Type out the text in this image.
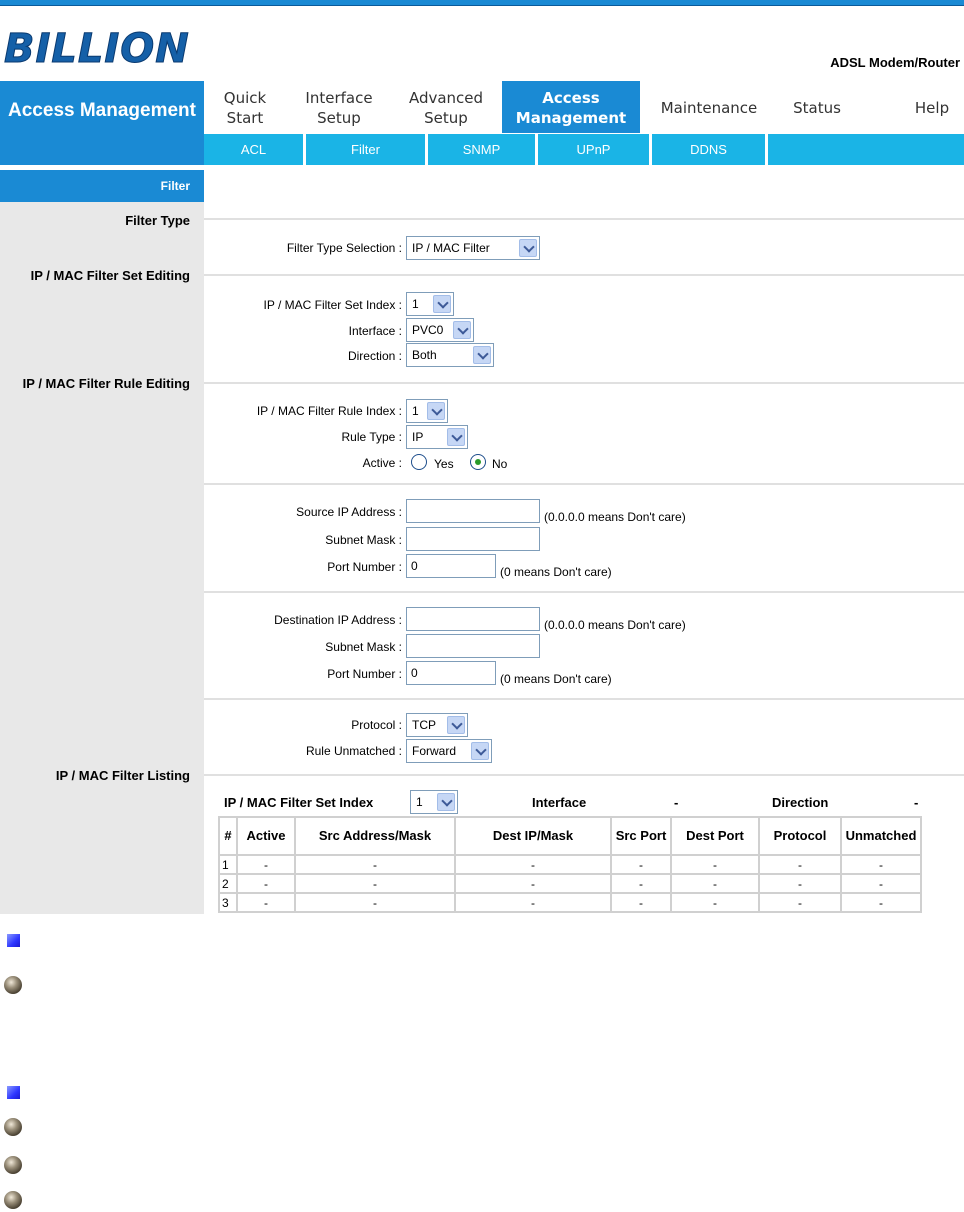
BILLION	ADSL Modem/Router
Access Management
Quick Start
Interface Setup
Advanced Setup
Access Management
Maintenance	Status	Help
ACL	Filter	SNMP	UPnP	DDNS
Filter
Filter Type
IP / MAC Filter Set Editing
IP / MAC Filter Rule Editing
IP / MAC Filter Listing
Filter Type Selection : IP / MAC Filter
IP / MAC Filter Set Index : 1
Interface : PVC0
Direction : Both
IP / MAC Filter Rule Index : 1
Rule Type : IP
Active :	Yes	No
Source IP Address :	(0.0.0.0 means Don't care)
Subnet Mask :
Port Number : 0	(0 means Don't care)
Destination IP Address :	(0.0.0.0 means Don't care)
Subnet Mask :
Port Number : 0	(0 means Don't care)
Protocol : TCP
Rule Unmatched : Forward
IP / MAC Filter Set Index	1	Interface	-	Direction	-
#	Active	Src Address/Mask	Dest IP/Mask	Src Port	Dest Port	Protocol	Unmatched
1	-	-	-	-	-	-	-
2	-	-	-	-	-	-	-
3	-	-	-	-	-	-	-
